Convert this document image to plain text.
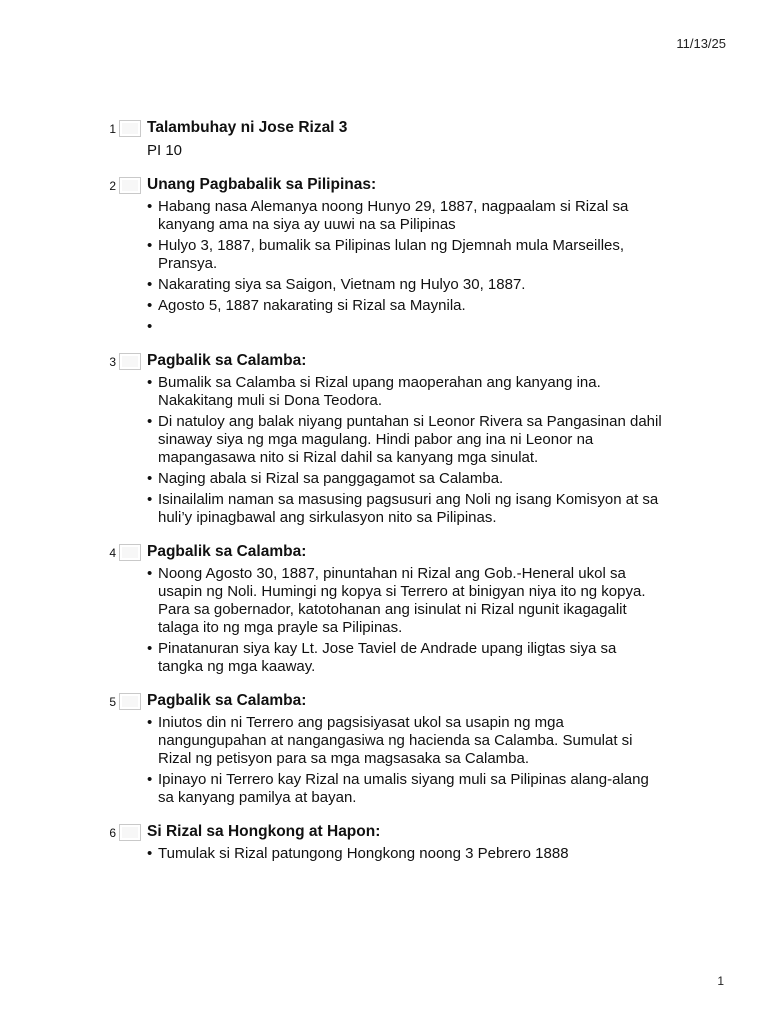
11/13/25
1 Talambuhay ni Jose Rizal 3
PI 10
2 Unang Pagbabalik sa Pilipinas:
• Habang nasa Alemanya noong Hunyo 29, 1887, nagpaalam si Rizal sa kanyang ama na siya ay uuwi na sa Pilipinas
• Hulyo 3, 1887, bumalik sa Pilipinas lulan ng Djemnah mula Marseilles, Pransya.
• Nakarating siya sa Saigon, Vietnam ng Hulyo 30, 1887.
• Agosto 5, 1887 nakarating si Rizal sa Maynila.
•
3 Pagbalik sa Calamba:
• Bumalik sa Calamba si Rizal upang maoperahan ang kanyang ina. Nakakitang muli si Dona Teodora.
• Di natuloy ang balak niyang puntahan si Leonor Rivera sa Pangasinan dahil sinaway siya ng mga magulang. Hindi pabor ang ina ni Leonor na mapangasawa nito si Rizal dahil sa kanyang mga sinulat.
• Naging abala si Rizal sa panggagamot sa Calamba.
• Isinailalim naman sa masusing pagsusuri ang Noli ng isang Komisyon at sa huli’y ipinagbawal ang sirkulasyon nito sa Pilipinas.
4 Pagbalik sa Calamba:
• Noong Agosto 30, 1887, pinuntahan ni Rizal ang Gob.-Heneral ukol sa usapin ng Noli. Humingi ng kopya si Terrero at binigyan niya ito ng kopya. Para sa gobernador, katotohanan ang isinulat ni Rizal ngunit ikagagalit talaga ito ng mga prayle sa Pilipinas.
• Pinatanuran siya kay Lt. Jose Taviel de Andrade upang iligtas siya sa tangka ng mga kaaway.
5 Pagbalik sa Calamba:
• Iniutos din ni Terrero ang pagsisiyasat ukol sa usapin ng mga nangungupahan at nangangasiwa ng hacienda sa Calamba. Sumulat si Rizal ng petisyon para sa mga magsasaka sa Calamba.
• Ipinayo ni Terrero kay Rizal na umalis siyang muli sa Pilipinas alang-alang sa kanyang pamilya at bayan.
6 Si Rizal sa Hongkong at Hapon:
• Tumulak si Rizal patungong Hongkong noong 3 Pebrero 1888
1
